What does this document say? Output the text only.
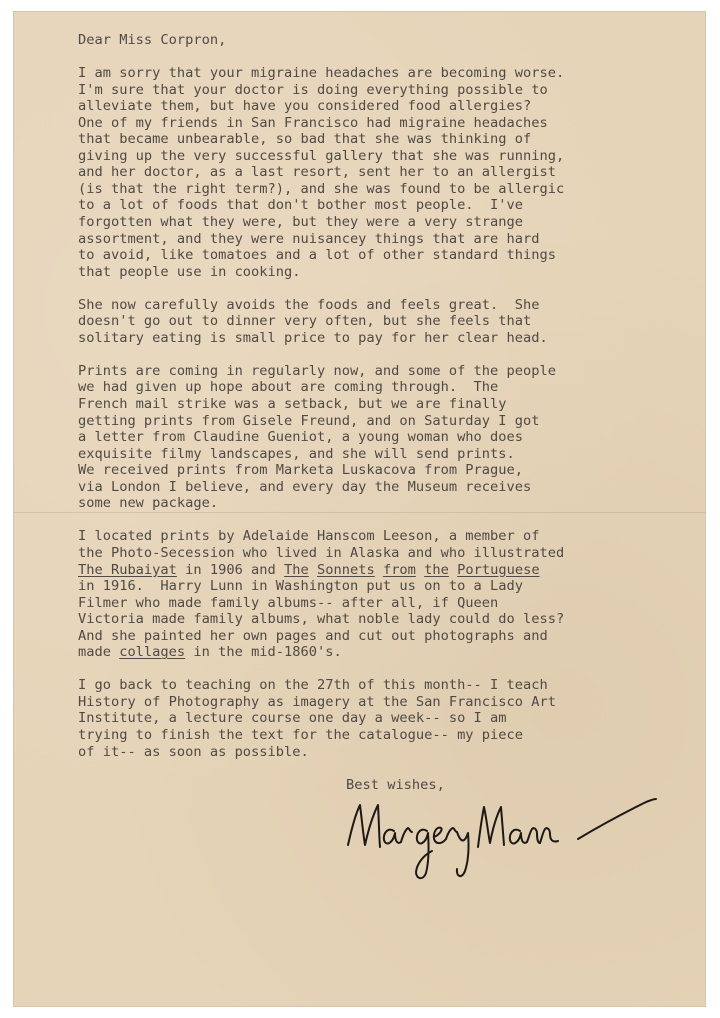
Dear Miss Corpron,
I am sorry that your migraine headaches are becoming worse.
I'm sure that your doctor is doing everything possible to
alleviate them, but have you considered food allergies?
One of my friends in San Francisco had migraine headaches
that became unbearable, so bad that she was thinking of
giving up the very successful gallery that she was running,
and her doctor, as a last resort, sent her to an allergist
(is that the right term?), and she was found to be allergic
to a lot of foods that don't bother most people.  I've
forgotten what they were, but they were a very strange
assortment, and they were nuisancey things that are hard
to avoid, like tomatoes and a lot of other standard things
that people use in cooking.
She now carefully avoids the foods and feels great.  She
doesn't go out to dinner very often, but she feels that
solitary eating is small price to pay for her clear head.
Prints are coming in regularly now, and some of the people
we had given up hope about are coming through.  The
French mail strike was a setback, but we are finally
getting prints from Gisele Freund, and on Saturday I got
a letter from Claudine Gueniot, a young woman who does
exquisite filmy landscapes, and she will send prints.
We received prints from Marketa Luskacova from Prague,
via London I believe, and every day the Museum receives
some new package.
I located prints by Adelaide Hanscom Leeson, a member of
the Photo-Secession who lived in Alaska and who illustrated
The Rubaiyat in 1906 and The Sonnets from the Portuguese
in 1916.  Harry Lunn in Washington put us on to a Lady
Filmer who made family albums-- after all, if Queen
Victoria made family albums, what noble lady could do less?
And she painted her own pages and cut out photographs and
made collages in the mid-1860's.
I go back to teaching on the 27th of this month-- I teach
History of Photography as imagery at the San Francisco Art
Institute, a lecture course one day a week-- so I am
trying to finish the text for the catalogue-- my piece
of it-- as soon as possible.
Best wishes,
